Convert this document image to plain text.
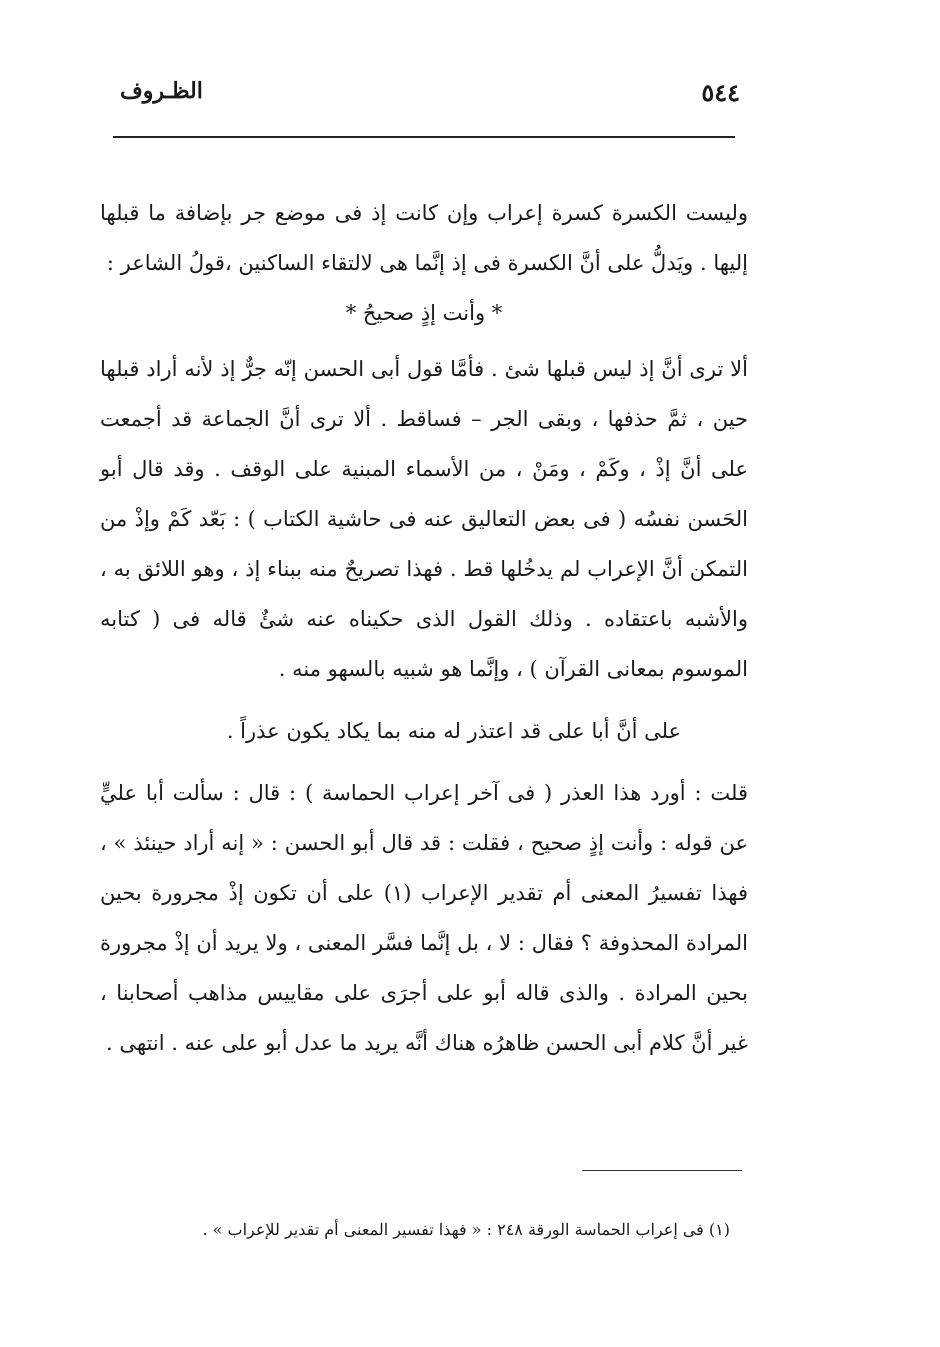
٥٤٤
الظـروف

وليست الكسرة كسرة إعراب وإن كانت إذ فى موضع جر بإضافة ما قبلها إليها . ويَدلُّ على أنَّ الكسرة فى إذ إنَّما هى لالتقاء الساكنين ،قولُ الشاعر :

* وأنت إذٍ صحيحُ *

ألا ترى أنَّ إذ ليس قبلها شئ . فأمَّا قول أبى الحسن إنّه جرٌّ إذ لأنه أراد قبلها حين ، ثمَّ حذفها ، وبقى الجر – فساقط . ألا ترى أنَّ الجماعة قد أجمعت على أنَّ إذْ ، وكَمْ ، ومَنْ ، من الأسماء المبنية على الوقف . وقد قال أبو الحَسن نفسُه ( فى بعض التعاليق عنه فى حاشية الكتاب ) : بَعّد كَمْ وإذْ من التمكن أنَّ الإعراب لم يدخُلها قط . فهذا تصريحٌ منه ببناء إذ ، وهو اللائق به ، والأشبه باعتقاده . وذلك القول الذى حكيناه عنه شئٌ قاله فى ( كتابه الموسوم بمعانى القرآن ) ، وإنَّما هو شبيه بالسهو منه .

على أنَّ أبا على قد اعتذر له منه بما يكاد يكون عذراً .

قلت : أورد هذا العذر ( فى آخر إعراب الحماسة ) : قال : سألت أبا عليٍّ عن قوله : وأنت إذٍ صحيح ، فقلت : قد قال أبو الحسن : « إنه أراد حينئذ » ، فهذا تفسيرُ المعنى أم تقدير الإعراب (١) على أن تكون إذْ مجرورة بحين المرادة المحذوفة ؟ فقال : لا ، بل إنَّما فسَّر المعنى ، ولا يريد أن إذْ مجرورة بحين المرادة . والذى قاله أبو على أجرَى على مقاييس مذاهب أصحابنا ، غير أنَّ كلام أبى الحسن ظاهرُه هناك أنَّه يريد ما عدل أبو على عنه . انتهى .

(١) فى إعراب الحماسة الورقة ٢٤٨ : « فهذا تفسير المعنى أم تقدير للإعراب » .
